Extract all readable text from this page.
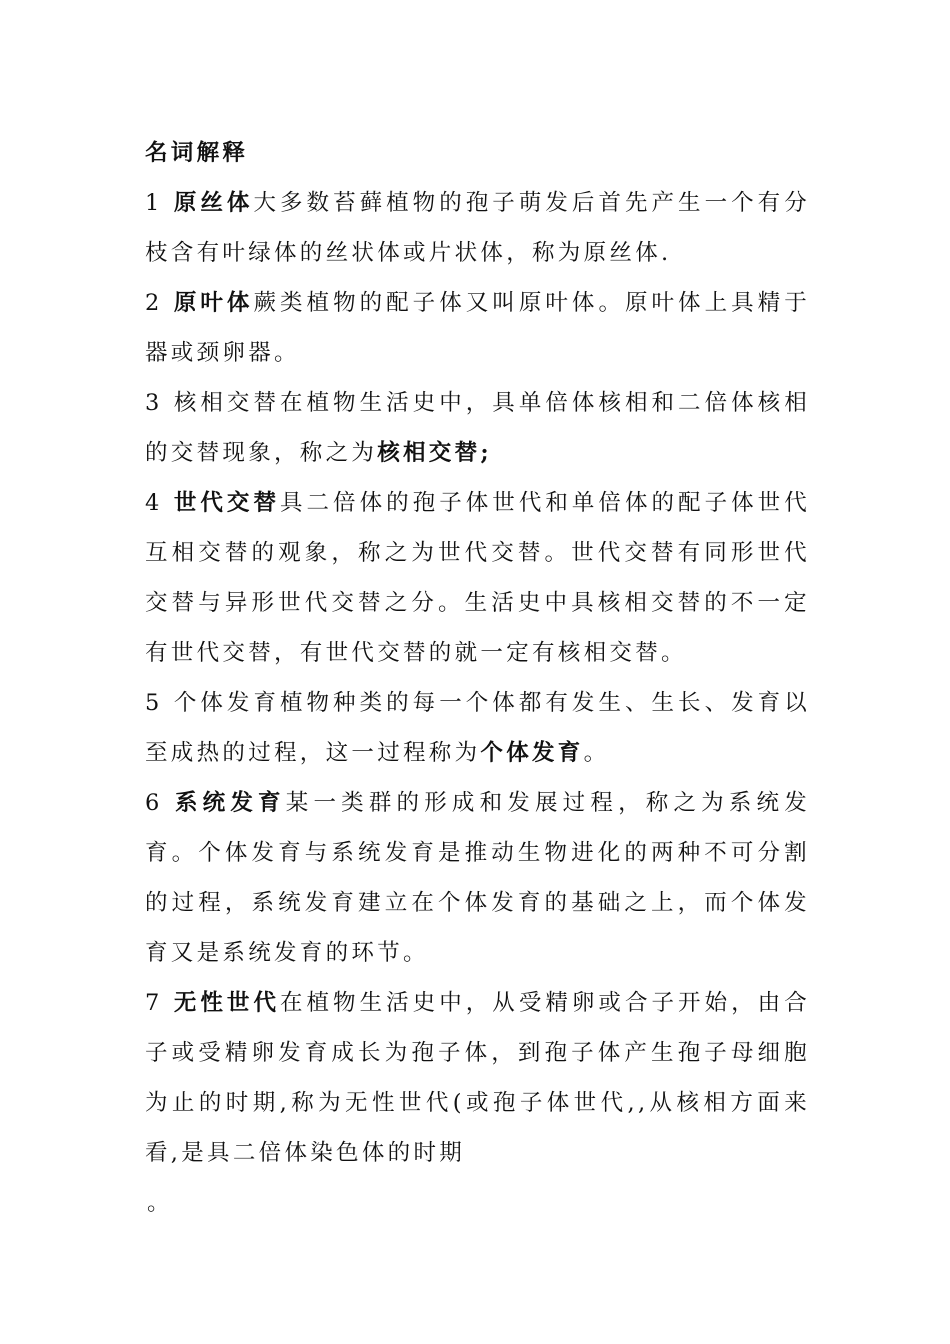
名词解释

1 原丝体大多数苔藓植物的孢子萌发后首先产生一个有分枝含有叶绿体的丝状体或片状体，称为原丝体.

2 原叶体蕨类植物的配子体又叫原叶体。原叶体上具精于器或颈卵器。

3 核相交替在植物生活史中，具单倍体核相和二倍体核相的交替现象，称之为核相交替;

4 世代交替具二倍体的孢子体世代和单倍体的配子体世代互相交替的观象，称之为世代交替。世代交替有同形世代交替与异形世代交替之分。生活史中具核相交替的不一定有世代交替，有世代交替的就一定有核相交替。

5 个体发育植物种类的每一个体都有发生、生长、发育以至成热的过程，这一过程称为个体发育。

6 系统发育某一类群的形成和发展过程，称之为系统发育。个体发育与系统发育是推动生物进化的两种不可分割的过程，系统发育建立在个体发育的基础之上，而个体发育又是系统发育的环节。

7 无性世代在植物生活史中，从受精卵或合子开始，由合子或受精卵发育成长为孢子体，到孢子体产生孢子母细胞为止的时期,称为无性世代(或孢子体世代,,从核相方面来看,是具二倍体染色体的时期

。
